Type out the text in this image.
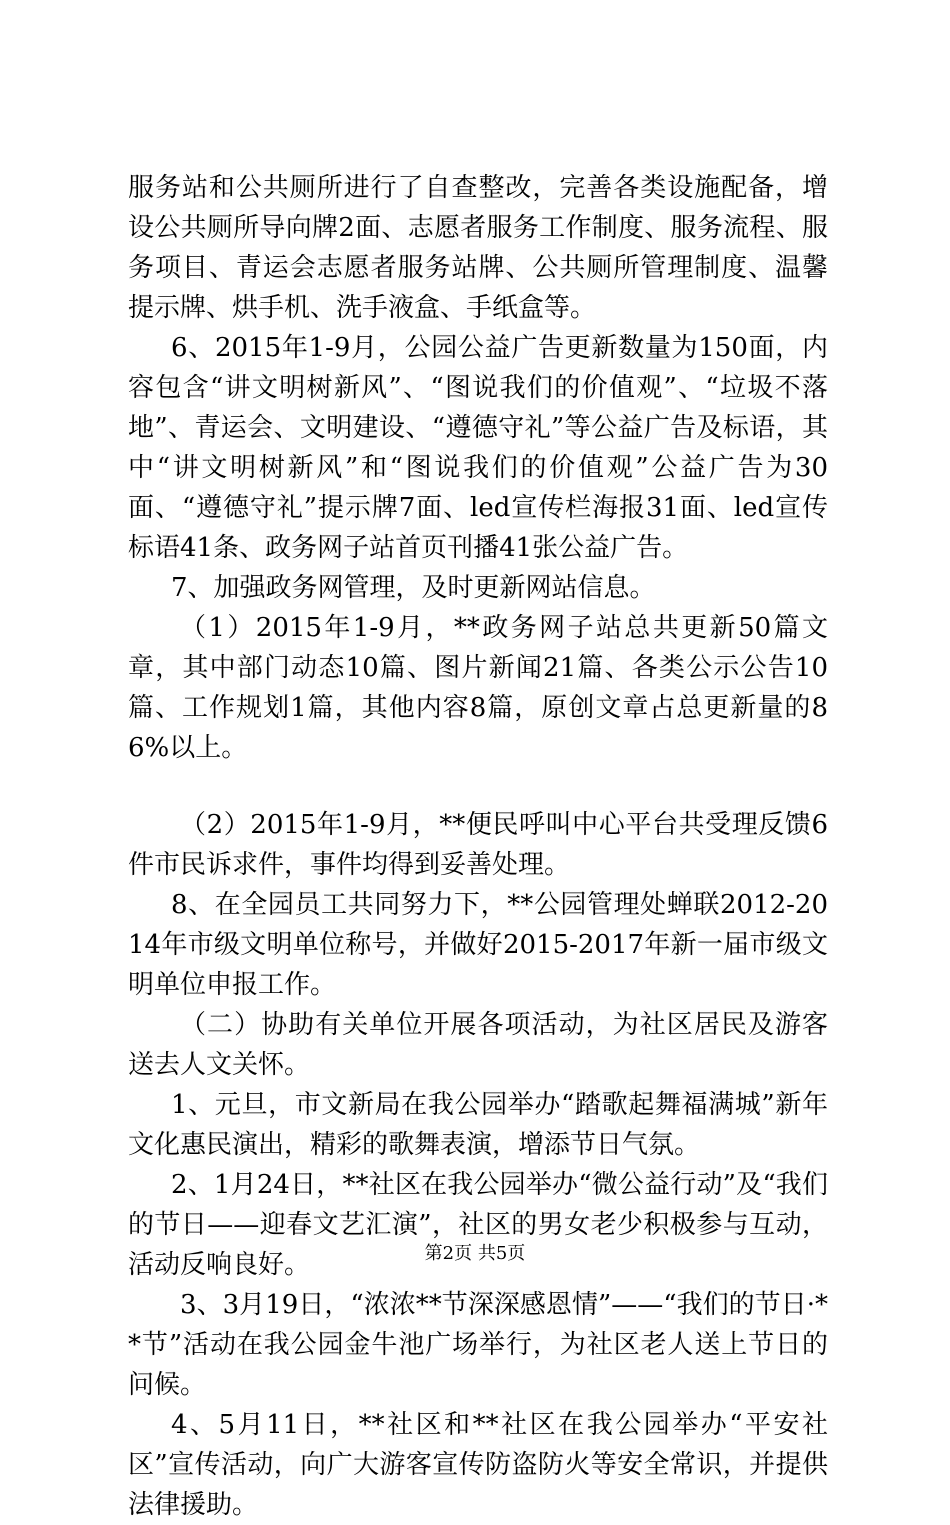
服务站和公共厕所进行了自查整改，完善各类设施配备，增设公共厕所导向牌2面、志愿者服务工作制度、服务流程、服务项目、青运会志愿者服务站牌、公共厕所管理制度、温馨提示牌、烘手机、洗手液盒、手纸盒等。

6、2015年1-9月，公园公益广告更新数量为150面，内容包含“讲文明树新风”、“图说我们的价值观”、“垃圾不落地”、青运会、文明建设、“遵德守礼”等公益广告及标语，其中“讲文明树新风”和“图说我们的价值观”公益广告为30面、“遵德守礼”提示牌7面、led宣传栏海报31面、led宣传标语41条、政务网子站首页刊播41张公益广告。

7、加强政务网管理，及时更新网站信息。

（1）2015年1-9月，**政务网子站总共更新50篇文章，其中部门动态10篇、图片新闻21篇、各类公示公告10篇、工作规划1篇，其他内容8篇，原创文章占总更新量的86%以上。

（2）2015年1-9月，**便民呼叫中心平台共受理反馈6件市民诉求件，事件均得到妥善处理。

8、在全园员工共同努力下，**公园管理处蝉联2012-2014年市级文明单位称号，并做好2015-2017年新一届市级文明单位申报工作。

（二）协助有关单位开展各项活动，为社区居民及游客送去人文关怀。

1、元旦，市文新局在我公园举办“踏歌起舞福满城”新年文化惠民演出，精彩的歌舞表演，增添节日气氛。

2、1月24日，**社区在我公园举办“微公益行动”及“我们的节日——迎春文艺汇演”，社区的男女老少积极参与互动，活动反响良好。

3、3月19日，“浓浓**节深深感恩情”——“我们的节日·**节”活动在我公园金牛池广场举行，为社区老人送上节日的问候。

4、5月11日，**社区和**社区在我公园举办“平安社区”宣传活动，向广大游客宣传防盗防火等安全常识，并提供法律援助。

第2页 共5页
